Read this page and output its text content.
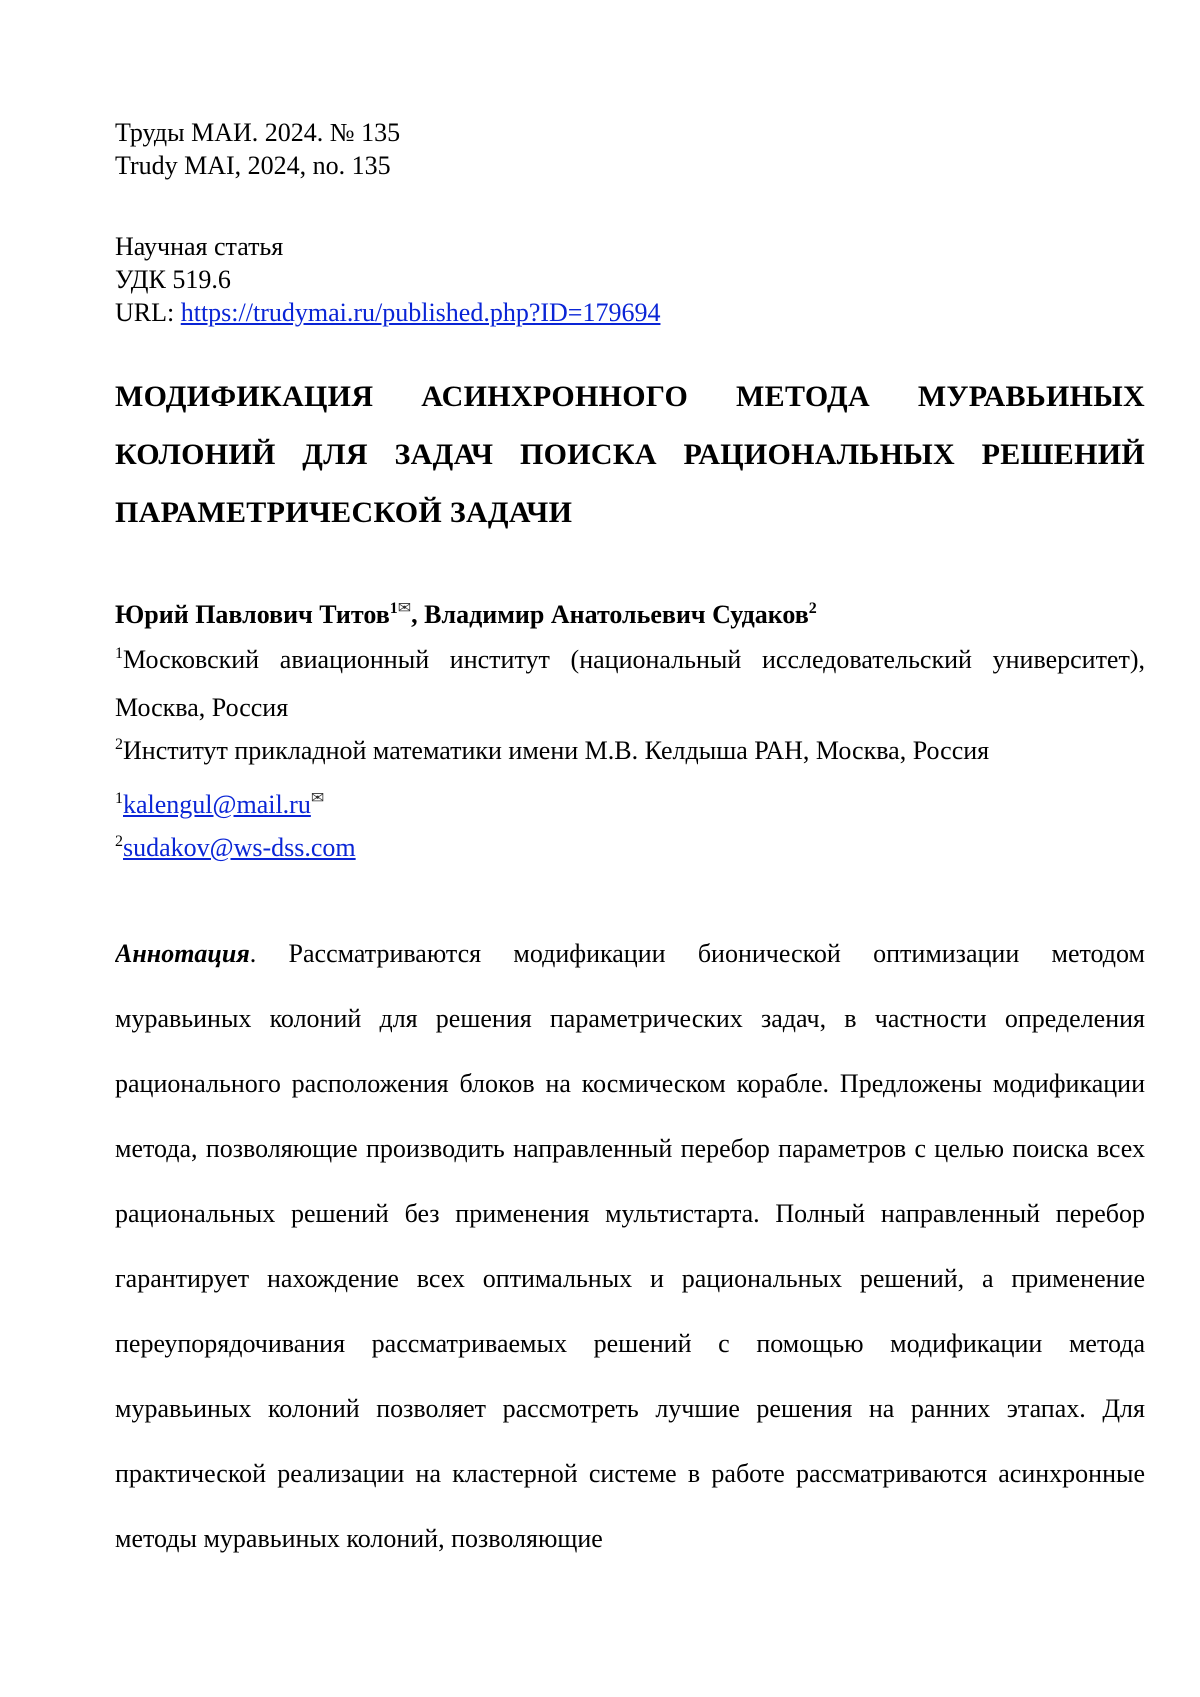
Труды МАИ. 2024. № 135
Trudy MAI, 2024, no. 135
Научная статья
УДК 519.6
URL: https://trudymai.ru/published.php?ID=179694
МОДИФИКАЦИЯ АСИНХРОННОГО МЕТОДА МУРАВЬИНЫХ КОЛОНИЙ ДЛЯ ЗАДАЧ ПОИСКА РАЦИОНАЛЬНЫХ РЕШЕНИЙ ПАРАМЕТРИЧЕСКОЙ ЗАДАЧИ
Юрий Павлович Титов1✉, Владимир Анатольевич Судаков2
1Московский авиационный институт (национальный исследовательский университет), Москва, Россия
2Институт прикладной математики имени М.В. Келдыша РАН, Москва, Россия
1kalengul@mail.ru✉
2sudakov@ws-dss.com
Аннотация. Рассматриваются модификации бионической оптимизации методом муравьиных колоний для решения параметрических задач, в частности определения рационального расположения блоков на космическом корабле. Предложены модификации метода, позволяющие производить направленный перебор параметров с целью поиска всех рациональных решений без применения мультистарта. Полный направленный перебор гарантирует нахождение всех оптимальных и рациональных решений, а применение переупорядочивания рассматриваемых решений с помощью модификации метода муравьиных колоний позволяет рассмотреть лучшие решения на ранних этапах. Для практической реализации на кластерной системе в работе рассматриваются асинхронные методы муравьиных колоний, позволяющие
